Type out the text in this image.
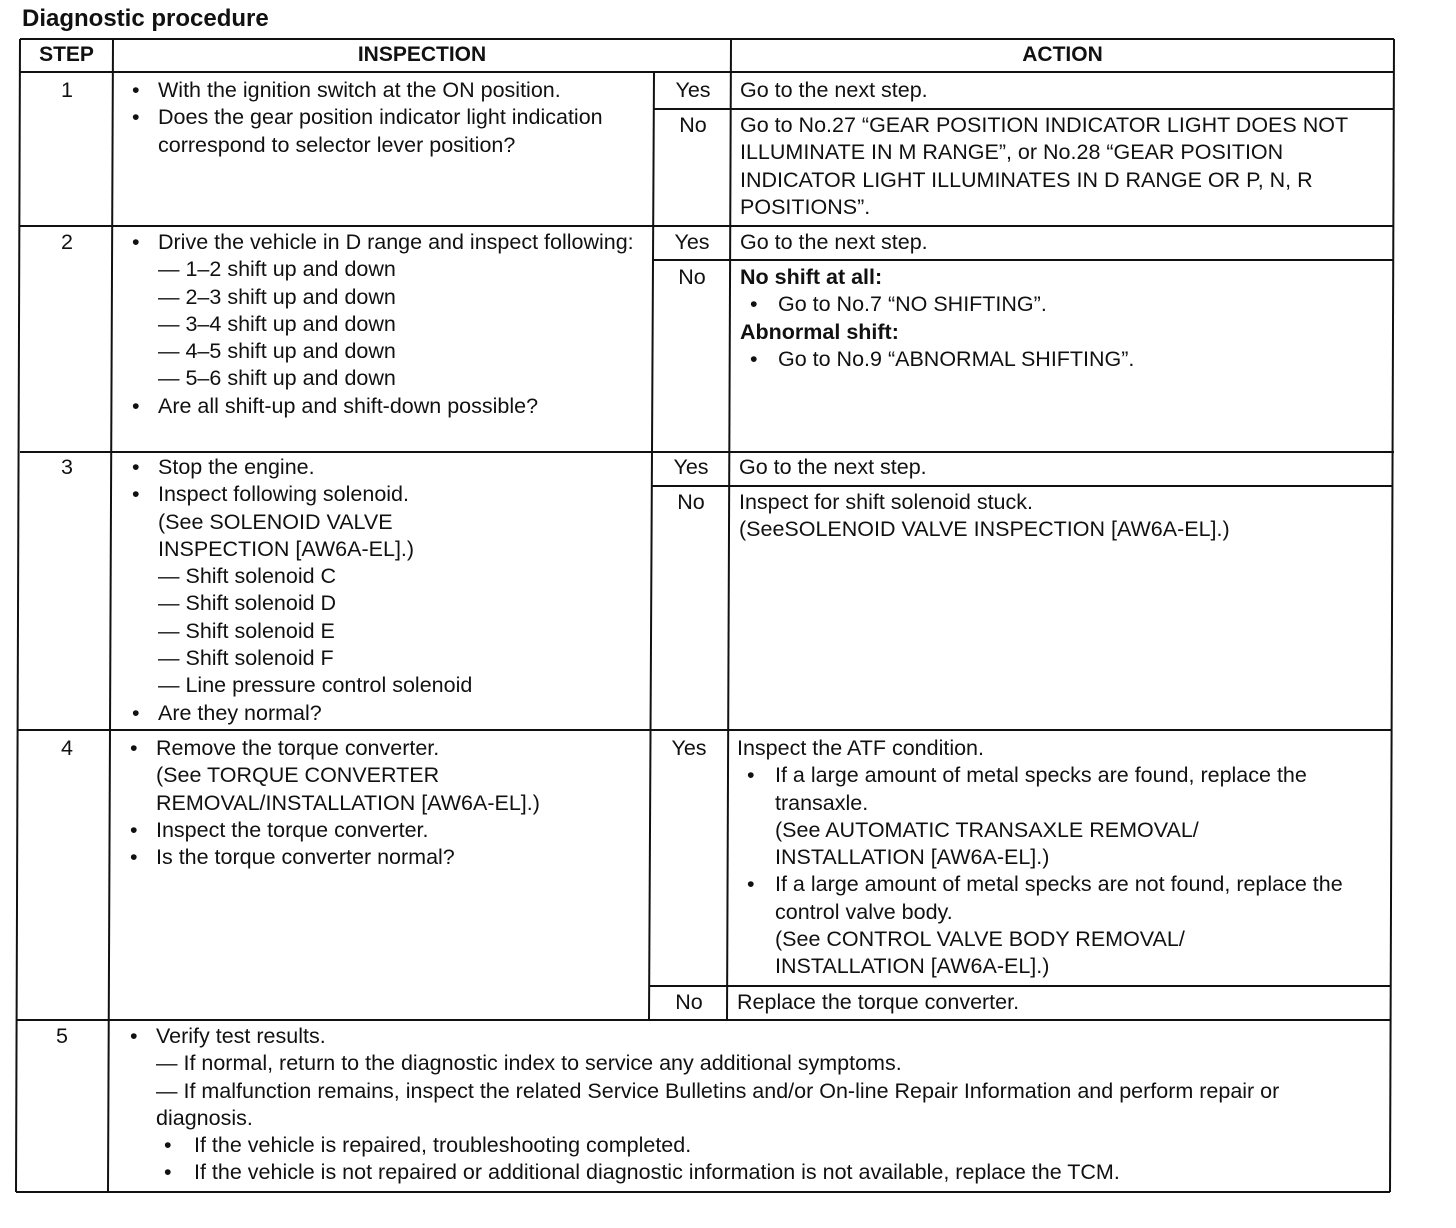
Diagnostic procedure
STEP	INSPECTION	ACTION
1	• With the ignition switch at the ON position.
• Does the gear position indicator light indication correspond to selector lever position?
Yes	Go to the next step.
No	Go to No.27 “GEAR POSITION INDICATOR LIGHT DOES NOT ILLUMINATE IN M RANGE”, or No.28 “GEAR POSITION INDICATOR LIGHT ILLUMINATES IN D RANGE OR P, N, R POSITIONS”.
2	• Drive the vehicle in D range and inspect following:
— 1–2 shift up and down
— 2–3 shift up and down
— 3–4 shift up and down
— 4–5 shift up and down
— 5–6 shift up and down
• Are all shift-up and shift-down possible?
Yes	Go to the next step.
No	No shift at all:
• Go to No.7 “NO SHIFTING”.
Abnormal shift:
• Go to No.9 “ABNORMAL SHIFTING”.
3	• Stop the engine.
• Inspect following solenoid.
(See SOLENOID VALVE INSPECTION [AW6A-EL].)
— Shift solenoid C
— Shift solenoid D
— Shift solenoid E
— Shift solenoid F
— Line pressure control solenoid
• Are they normal?
Yes	Go to the next step.
No	Inspect for shift solenoid stuck.
(SeeSOLENOID VALVE INSPECTION [AW6A-EL].)
4	• Remove the torque converter.
(See TORQUE CONVERTER REMOVAL/INSTALLATION [AW6A-EL].)
• Inspect the torque converter.
• Is the torque converter normal?
Yes	Inspect the ATF condition.
• If a large amount of metal specks are found, replace the transaxle.
(See AUTOMATIC TRANSAXLE REMOVAL/ INSTALLATION [AW6A-EL].)
• If a large amount of metal specks are not found, replace the control valve body.
(See CONTROL VALVE BODY REMOVAL/ INSTALLATION [AW6A-EL].)
No	Replace the torque converter.
5	• Verify test results.
— If normal, return to the diagnostic index to service any additional symptoms.
— If malfunction remains, inspect the related Service Bulletins and/or On-line Repair Information and perform repair or diagnosis.
• If the vehicle is repaired, troubleshooting completed.
• If the vehicle is not repaired or additional diagnostic information is not available, replace the TCM.
